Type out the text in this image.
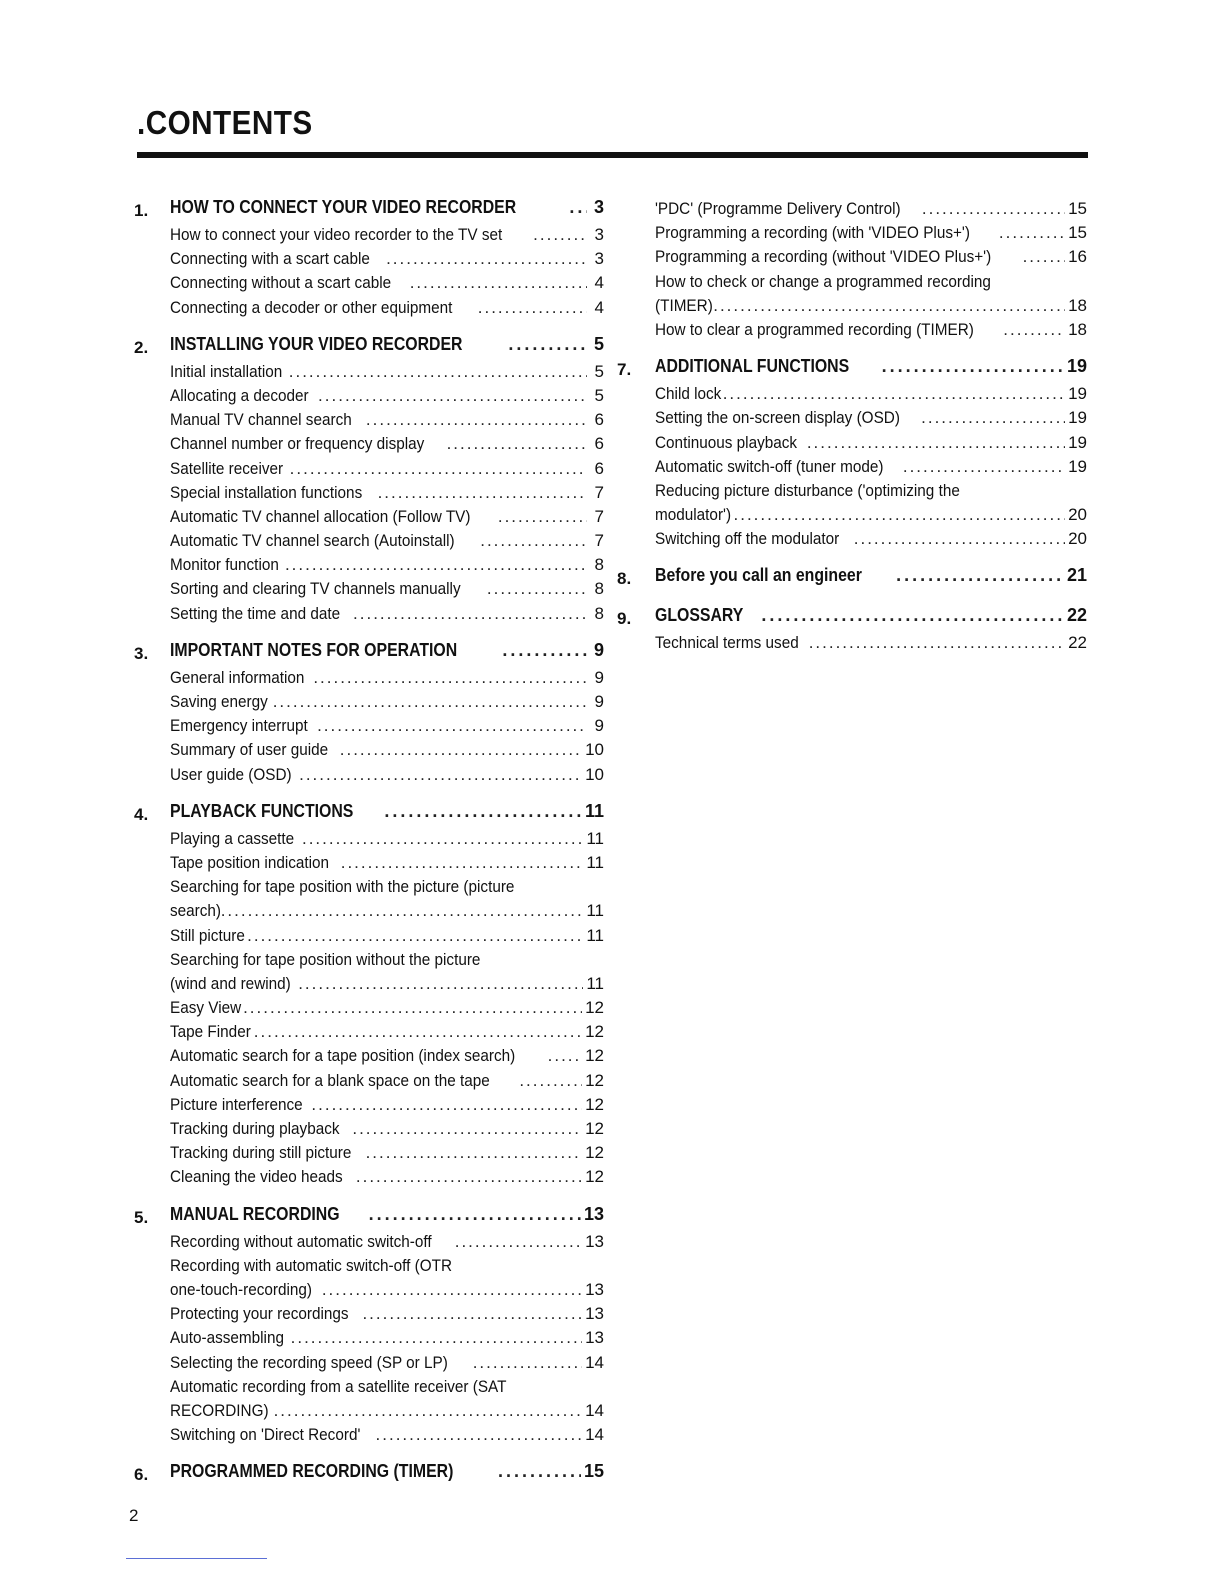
.CONTENTS
1.	HOW TO CONNECT YOUR VIDEO RECORDER .....	3
How to connect your video recorder to the TV set .....	3
Connecting with a scart cable .....	3
Connecting without a scart cable .....	4
Connecting a decoder or other equipment .....	4
2.	INSTALLING YOUR VIDEO RECORDER .....	5
Initial installation .....	5
Allocating a decoder .....	5
Manual TV channel search .....	6
Channel number or frequency display .....	6
Satellite receiver .....	6
Special installation functions .....	7
Automatic TV channel allocation (Follow TV) .....	7
Automatic TV channel search (Autoinstall) .....	7
Monitor function .....	8
Sorting and clearing TV channels manually .....	8
Setting the time and date .....	8
3.	IMPORTANT NOTES FOR OPERATION .....	9
General information .....	9
Saving energy .....	9
Emergency interrupt .....	9
Summary of user guide .....	10
User guide (OSD) .....	10
4.	PLAYBACK FUNCTIONS .....	11
Playing a cassette .....	11
Tape position indication .....	11
Searching for tape position with the picture (picture
search) .....	11
Still picture .....	11
Searching for tape position without the picture
(wind and rewind) .....	11
Easy View .....	12
Tape Finder .....	12
Automatic search for a tape position (index search) .....	12
Automatic search for a blank space on the tape .....	12
Picture interference .....	12
Tracking during playback .....	12
Tracking during still picture .....	12
Cleaning the video heads .....	12
5.	MANUAL RECORDING .....	13
Recording without automatic switch-off .....	13
Recording with automatic switch-off (OTR
one-touch-recording) .....	13
Protecting your recordings .....	13
Auto-assembling .....	13
Selecting the recording speed (SP or LP) .....	14
Automatic recording from a satellite receiver (SAT
RECORDING) .....	14
Switching on 'Direct Record' .....	14
6.	PROGRAMMED RECORDING (TIMER) .....	15
'PDC' (Programme Delivery Control) .....	15
Programming a recording (with 'VIDEO Plus+') .....	15
Programming a recording (without 'VIDEO Plus+') .....	16
How to check or change a programmed recording
(TIMER) .....	18
How to clear a programmed recording (TIMER) .....	18
7.	ADDITIONAL FUNCTIONS .....	19
Child lock .....	19
Setting the on-screen display (OSD) .....	19
Continuous playback .....	19
Automatic switch-off (tuner mode) .....	19
Reducing picture disturbance ('optimizing the
modulator') .....	20
Switching off the modulator .....	20
8.	Before you call an engineer .....	21
9.	GLOSSARY .....	22
Technical terms used .....	22
2
